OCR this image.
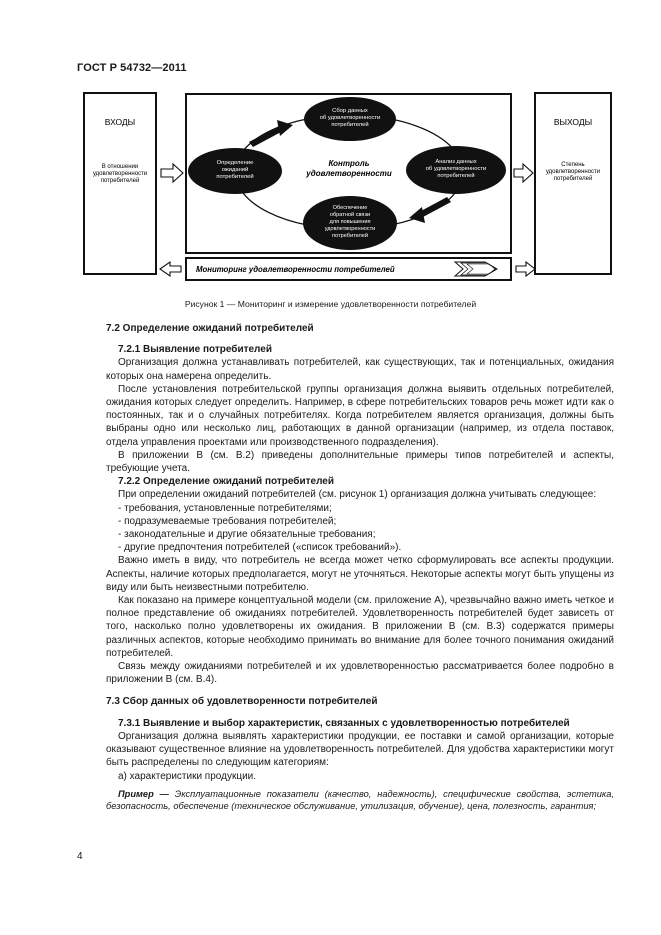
ГОСТ Р 54732—2011
ВХОДЫ
В отношении
удовлетворенности
потребителей
ВЫХОДЫ
Степень
удовлетворенности
потребителей
Сбор данных
об удовлетворенности
потребителей
Определение
ожиданий
потребителей
Анализ данных
об удовлетворенности
потребителей
Обеспечение
обратной связи
для повышения
удовлетворенности
потребителей
Контроль
удовлетворенности
Мониторинг удовлетворенности потребителей
Рисунок 1 — Мониторинг и измерение удовлетворенности потребителей
7.2 Определение ожиданий потребителей
7.2.1 Выявление потребителей

Организация должна устанавливать потребителей, как существующих, так и потенциальных, ожидания которых она намерена определить.

После установления потребительской группы организация должна выявить отдельных потребителей, ожидания которых следует определить. Например, в сфере потребительских товаров речь может идти как о постоянных, так и о случайных потребителях. Когда потребителем является организация, должны быть выбраны одно или несколько лиц, работающих в данной организации (например, из отдела поставок, отдела управления проектами или производственного подразделения).

В приложении В (см. В.2) приведены дополнительные примеры типов потребителей и аспекты, требующие учета.

7.2.2 Определение ожиданий потребителей

При определении ожиданий потребителей (см. рисунок 1) организация должна учитывать следующее:

- требования, установленные потребителями;

- подразумеваемые требования потребителей;

- законодательные и другие обязательные требования;

- другие предпочтения потребителей («список требований»).

Важно иметь в виду, что потребитель не всегда может четко сформулировать все аспекты продукции. Аспекты, наличие которых предполагается, могут не уточняться. Некоторые аспекты могут быть упущены из виду или быть неизвестными потребителю.

Как показано на примере концептуальной модели (см. приложение А), чрезвычайно важно иметь четкое и полное представление об ожиданиях потребителей. Удовлетворенность потребителей будет зависеть от того, насколько полно удовлетворены их ожидания. В приложении В (см. В.3) содержатся примеры различных аспектов, которые необходимо принимать во внимание для более точного понимания ожиданий потребителей.

Связь между ожиданиями потребителей и их удовлетворенностью рассматривается более подробно в приложении В (см. В.4).

7.3 Сбор данных об удовлетворенности потребителей
7.3.1 Выявление и выбор характеристик, связанных с удовлетворенностью потребителей

Организация должна выявлять характеристики продукции, ее поставки и самой организации, которые оказывают существенное влияние на удовлетворенность потребителей. Для удобства характеристики могут быть распределены по следующим категориям:

а) характеристики продукции.

Пример — Эксплуатационные показатели (качество, надежность), специфические свойства, эстетика, безопасность, обеспечение (техническое обслуживание, утилизация, обучение), цена, полезность, гарантия;

4
